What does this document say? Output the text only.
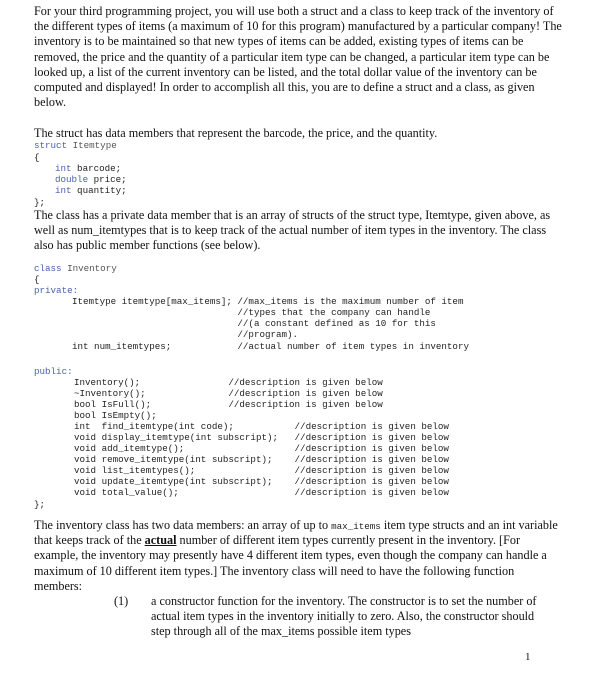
For your third programming project, you will use both a struct and a class to keep track of the inventory of the different types of items (a maximum of 10 for this program) manufactured by a particular company! The inventory is to be maintained so that new types of items can be added, existing types of items can be removed, the price and the quantity of a particular item type can be changed, a particular item type can be looked up, a list of the current inventory can be listed, and the total dollar value of the inventory can be computed and displayed! In order to accomplish all this, you are to define a struct and a class, as given below.

The struct has data members that represent the barcode, the price, and the quantity.

struct Itemtype
{
int barcode;
double price;
int quantity;
};

The class has a private data member that is an array of structs of the struct type, Itemtype, given above, as well as num_itemtypes that is to keep track of the actual number of item types in the inventory. The class also has public member functions (see below).

class Inventory
{
private:
Itemtype itemtype[max_items]; //max_items is the maximum number of item
//types that the company can handle
//(a constant defined as 10 for this
//program).
int num_itemtypes;            //actual number of item types in inventory
public:
Inventory();                //description is given below
~Inventory();               //description is given below
bool IsFull();              //description is given below
bool IsEmpty();
int  find_itemtype(int code);           //description is given below
void display_itemtype(int subscript);   //description is given below
void add_itemtype();                    //description is given below
void remove_itemtype(int subscript);    //description is given below
void list_itemtypes();                  //description is given below
void update_itemtype(int subscript);    //description is given below
void total_value();                     //description is given below
};

The inventory class has two data members: an array of up to max_items item type structs and an int variable that keeps track of the actual number of different item types currently present in the inventory. [For example, the inventory may presently have 4 different item types, even though the company can handle a maximum of 10 different item types.] The inventory class will need to have the following function members:

(1) a constructor function for the inventory. The constructor is to set the number of actual item types in the inventory initially to zero. Also, the constructor should step through all of the max_items possible item types

1
